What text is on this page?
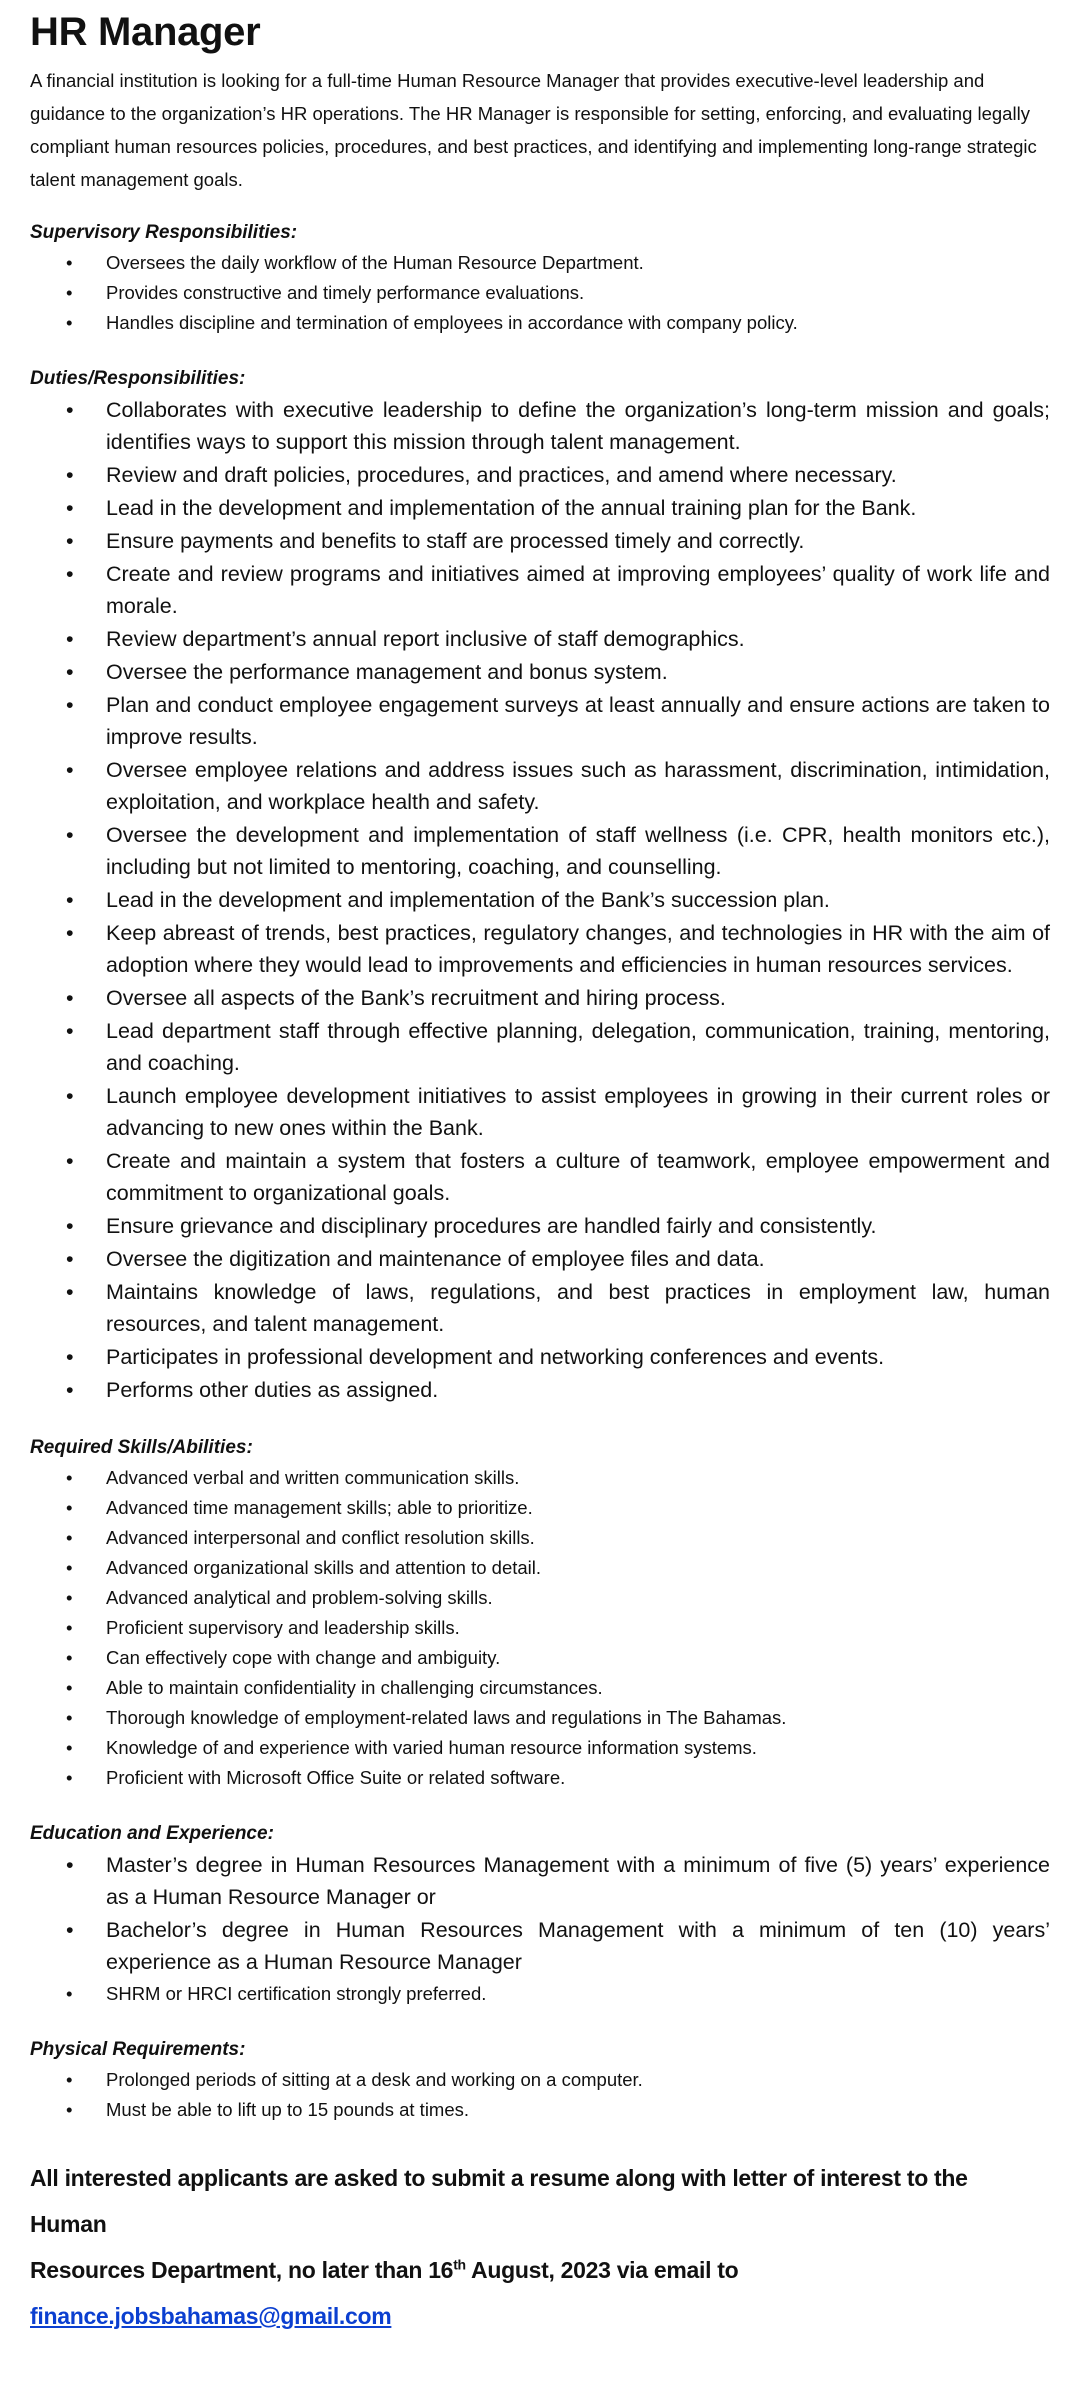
HR Manager

A financial institution is looking for a full-time Human Resource Manager that provides executive-level leadership and guidance to the organization’s HR operations. The HR Manager is responsible for setting, enforcing, and evaluating legally compliant human resources policies, procedures, and best practices, and identifying and implementing long-range strategic talent management goals.

Supervisory Responsibilities:

• Oversees the daily workflow of the Human Resource Department.
• Provides constructive and timely performance evaluations.
• Handles discipline and termination of employees in accordance with company policy.

Duties/Responsibilities:

• Collaborates with executive leadership to define the organization’s long-term mission and goals; identifies ways to support this mission through talent management.
• Review and draft policies, procedures, and practices, and amend where necessary.
• Lead in the development and implementation of the annual training plan for the Bank.
• Ensure payments and benefits to staff are processed timely and correctly.
• Create and review programs and initiatives aimed at improving employees’ quality of work life and morale.
• Review department’s annual report inclusive of staff demographics.
• Oversee the performance management and bonus system.
• Plan and conduct employee engagement surveys at least annually and ensure actions are taken to improve results.
• Oversee employee relations and address issues such as harassment, discrimination, intimidation, exploitation, and workplace health and safety.
• Oversee the development and implementation of staff wellness (i.e. CPR, health monitors etc.), including but not limited to mentoring, coaching, and counselling.
• Lead in the development and implementation of the Bank’s succession plan.
• Keep abreast of trends, best practices, regulatory changes, and technologies in HR with the aim of adoption where they would lead to improvements and efficiencies in human resources services.
• Oversee all aspects of the Bank’s recruitment and hiring process.
• Lead department staff through effective planning, delegation, communication, training, mentoring, and coaching.
• Launch employee development initiatives to assist employees in growing in their current roles or advancing to new ones within the Bank.
• Create and maintain a system that fosters a culture of teamwork, employee empowerment and commitment to organizational goals.
• Ensure grievance and disciplinary procedures are handled fairly and consistently.
• Oversee the digitization and maintenance of employee files and data.
• Maintains knowledge of laws, regulations, and best practices in employment law, human resources, and talent management.
• Participates in professional development and networking conferences and events.
• Performs other duties as assigned.

Required Skills/Abilities:

• Advanced verbal and written communication skills.
• Advanced time management skills; able to prioritize.
• Advanced interpersonal and conflict resolution skills.
• Advanced organizational skills and attention to detail.
• Advanced analytical and problem-solving skills.
• Proficient supervisory and leadership skills.
• Can effectively cope with change and ambiguity.
• Able to maintain confidentiality in challenging circumstances.
• Thorough knowledge of employment-related laws and regulations in The Bahamas.
• Knowledge of and experience with varied human resource information systems.
• Proficient with Microsoft Office Suite or related software.

Education and Experience:

• Master’s degree in Human Resources Management with a minimum of five (5) years’ experience as a Human Resource Manager or
• Bachelor’s degree in Human Resources Management with a minimum of ten (10) years’ experience as a Human Resource Manager
• SHRM or HRCI certification strongly preferred.

Physical Requirements:

• Prolonged periods of sitting at a desk and working on a computer.
• Must be able to lift up to 15 pounds at times.
All interested applicants are asked to submit a resume along with letter of interest to the Human
Resources Department, no later than 16th August, 2023 via email to finance.jobsbahamas@gmail.com
